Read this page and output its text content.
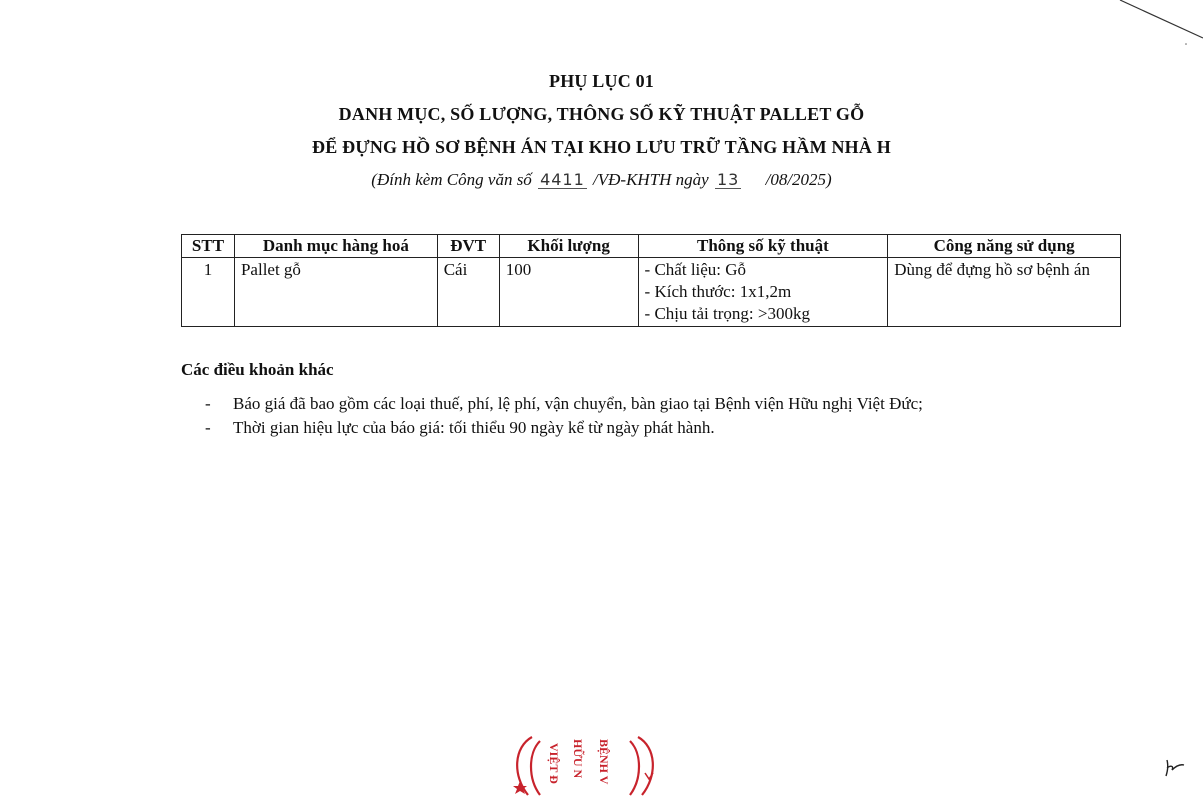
PHỤ LỤC 01
DANH MỤC, SỐ LƯỢNG, THÔNG SỐ KỸ THUẬT PALLET GỖ
ĐỂ ĐỰNG HỒ SƠ BỆNH ÁN TẠI KHO LƯU TRỮ TẦNG HẦM NHÀ H
(Đính kèm Công văn số 4411 /VĐ-KHTH ngày 13 /08/2025)
STT	Danh mục hàng hoá	ĐVT	Khối lượng	Thông số kỹ thuật	Công năng sử dụng
1	Pallet gỗ	Cái	100	- Chất liệu: Gỗ
- Kích thước: 1x1,2m
- Chịu tải trọng: >300kg	Dùng để đựng hồ sơ bệnh án
Các điều khoản khác
-	Báo giá đã bao gồm các loại thuế, phí, lệ phí, vận chuyển, bàn giao tại Bệnh viện Hữu nghị Việt Đức;
-	Thời gian hiệu lực của báo giá: tối thiểu 90 ngày kể từ ngày phát hành.
BỆNH V
HỮU N
VIỆT Đ
